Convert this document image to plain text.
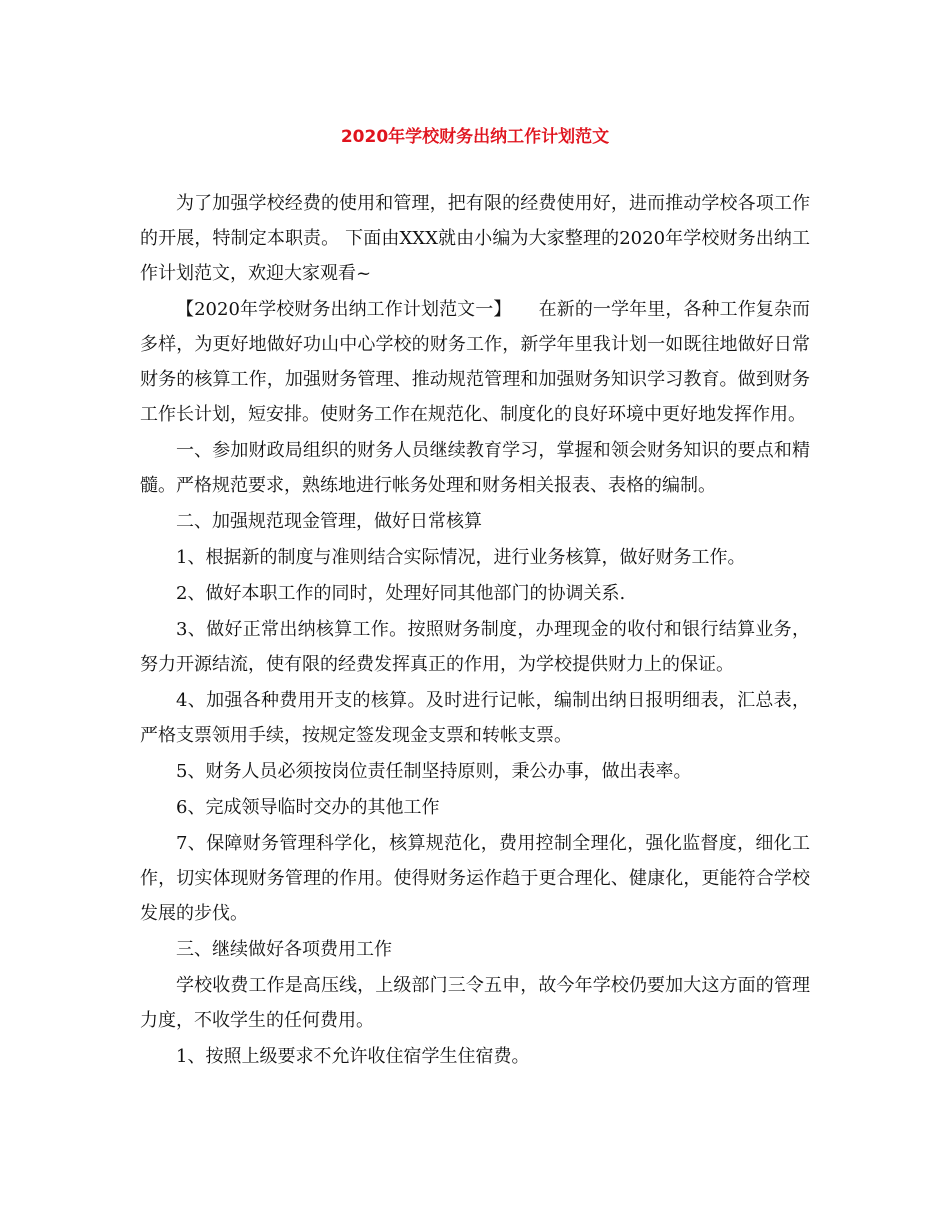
2020年学校财务出纳工作计划范文

为了加强学校经费的使用和管理，把有限的经费使用好，进而推动学校各项工作的开展，特制定本职责。 下面由XXX就由小编为大家整理的2020年学校财务出纳工作计划范文，欢迎大家观看~

【2020年学校财务出纳工作计划范文一】　　在新的一学年里，各种工作复杂而多样，为更好地做好功山中心学校的财务工作，新学年里我计划一如既往地做好日常财务的核算工作，加强财务管理、推动规范管理和加强财务知识学习教育。做到财务工作长计划，短安排。使财务工作在规范化、制度化的良好环境中更好地发挥作用。

一、参加财政局组织的财务人员继续教育学习，掌握和领会财务知识的要点和精髓。严格规范要求，熟练地进行帐务处理和财务相关报表、表格的编制。

二、加强规范现金管理，做好日常核算

1、根据新的制度与准则结合实际情况，进行业务核算，做好财务工作。

2、做好本职工作的同时，处理好同其他部门的协调关系.

3、做好正常出纳核算工作。按照财务制度，办理现金的收付和银行结算业务，努力开源结流，使有限的经费发挥真正的作用，为学校提供财力上的保证。

4、加强各种费用开支的核算。及时进行记帐，编制出纳日报明细表，汇总表，严格支票领用手续，按规定签发现金支票和转帐支票。

5、财务人员必须按岗位责任制坚持原则，秉公办事，做出表率。

6、完成领导临时交办的其他工作

7、保障财务管理科学化，核算规范化，费用控制全理化，强化监督度，细化工作，切实体现财务管理的作用。使得财务运作趋于更合理化、健康化，更能符合学校发展的步伐。

三、继续做好各项费用工作

学校收费工作是高压线，上级部门三令五申，故今年学校仍要加大这方面的管理力度，不收学生的任何费用。

1、按照上级要求不允许收住宿学生住宿费。
